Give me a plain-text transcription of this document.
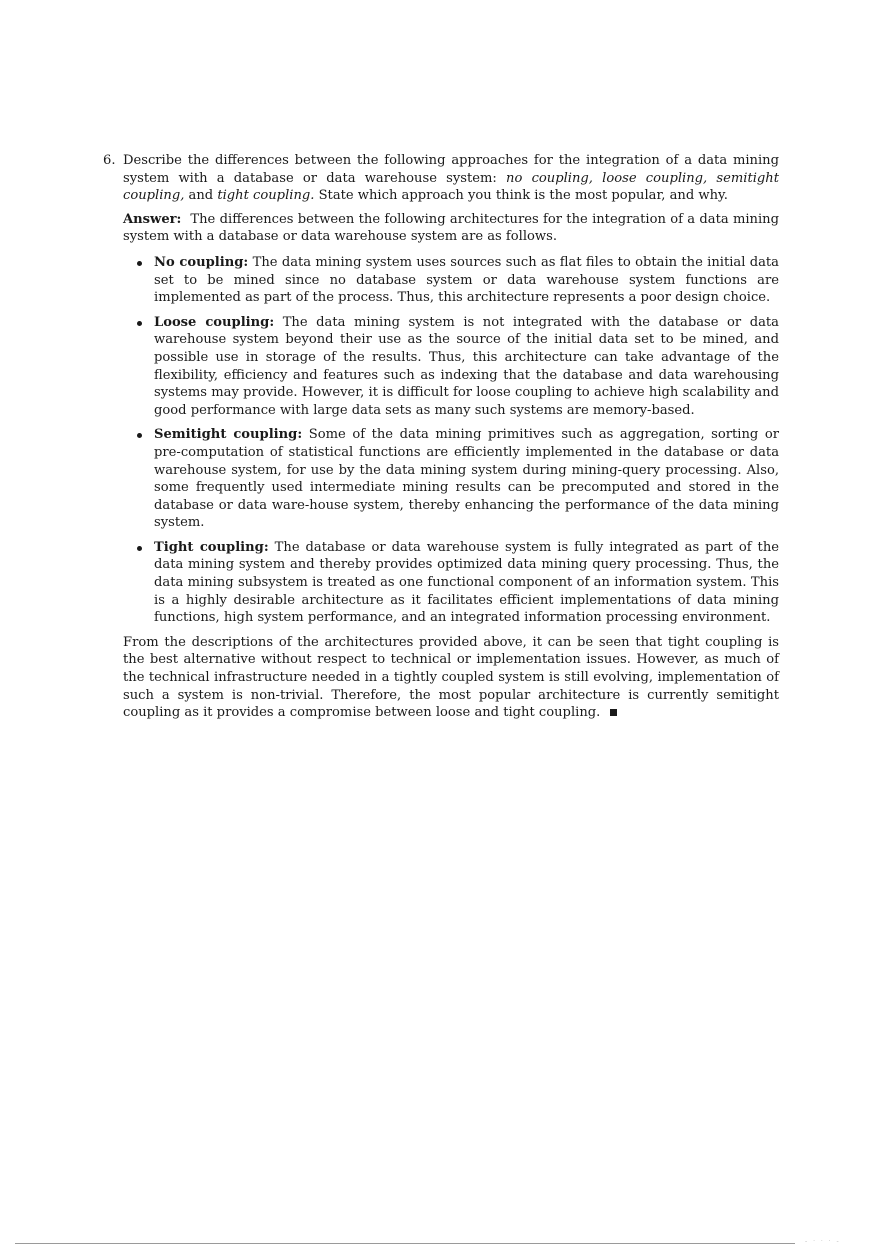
6. Describe the differences between the following approaches for the integration of a data mining system with a database or data warehouse system: no coupling, loose coupling, semitight coupling, and tight coupling. State which approach you think is the most popular, and why.
Answer: The differences between the following architectures for the integration of a data mining system with a database or data warehouse system are as follows.
No coupling: The data mining system uses sources such as flat files to obtain the initial data set to be mined since no database system or data warehouse system functions are implemented as part of the process. Thus, this architecture represents a poor design choice.
Loose coupling: The data mining system is not integrated with the database or data warehouse system beyond their use as the source of the initial data set to be mined, and possible use in storage of the results. Thus, this architecture can take advantage of the flexibility, efficiency and features such as indexing that the database and data warehousing systems may provide. However, it is difficult for loose coupling to achieve high scalability and good performance with large data sets as many such systems are memory-based.
Semitight coupling: Some of the data mining primitives such as aggregation, sorting or pre-computation of statistical functions are efficiently implemented in the database or data warehouse system, for use by the data mining system during mining-query processing. Also, some frequently used intermediate mining results can be precomputed and stored in the database or data ware-house system, thereby enhancing the performance of the data mining system.
Tight coupling: The database or data warehouse system is fully integrated as part of the data mining system and thereby provides optimized data mining query processing. Thus, the data mining subsystem is treated as one functional component of an information system. This is a highly desirable architecture as it facilitates efficient implementations of data mining functions, high system performance, and an integrated information processing environment.
From the descriptions of the architectures provided above, it can be seen that tight coupling is the best alternative without respect to technical or implementation issues. However, as much of the technical infrastructure needed in a tightly coupled system is still evolving, implementation of such a system is non-trivial. Therefore, the most popular architecture is currently semitight coupling as it provides a compromise between loose and tight coupling.
- · · · -
